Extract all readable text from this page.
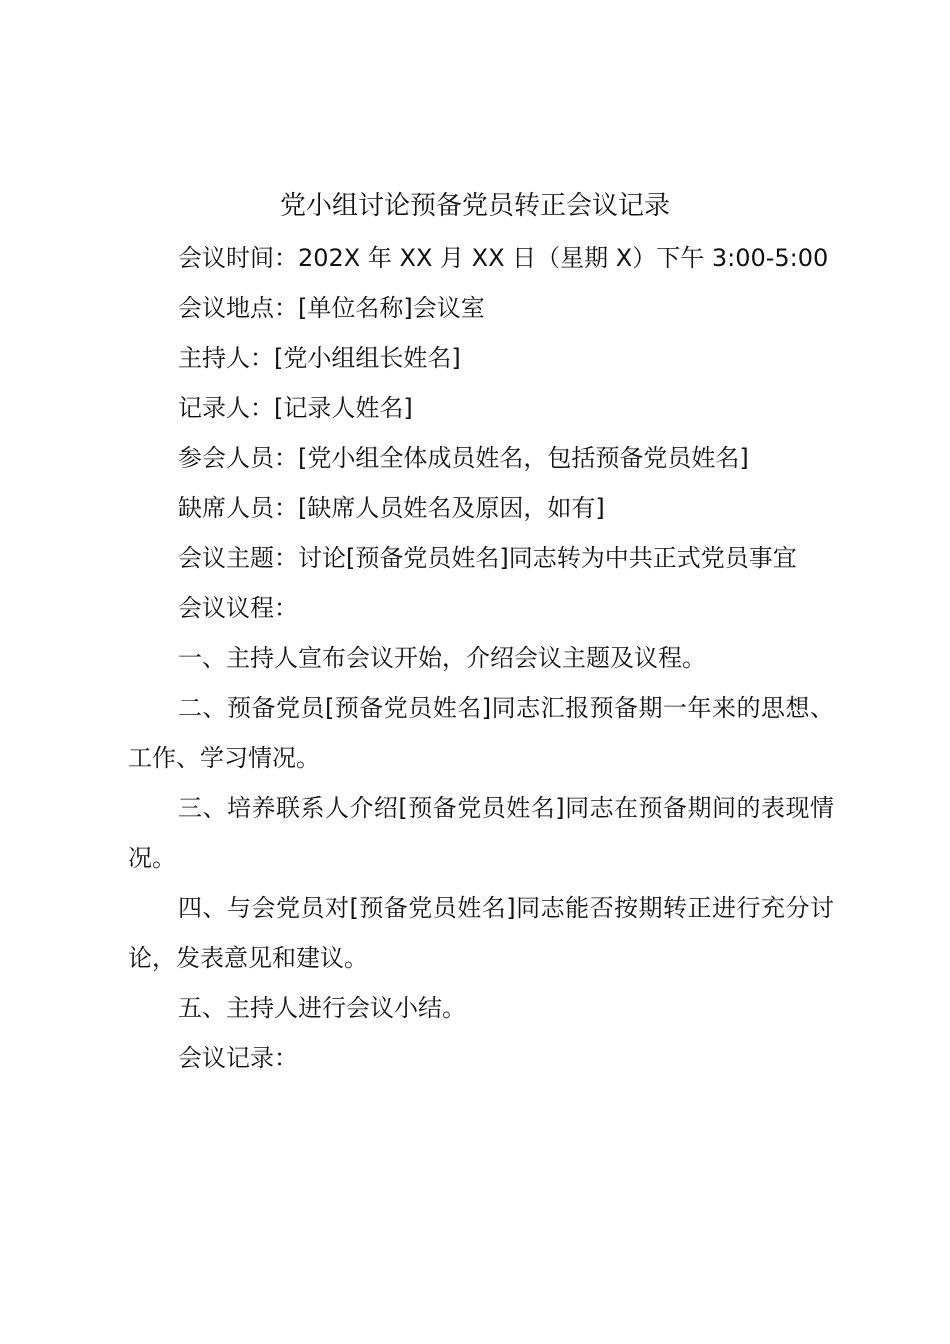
党小组讨论预备党员转正会议记录

会议时间：202X 年 XX 月 XX 日（星期 X）下午 3:00-5:00

会议地点：[单位名称]会议室

主持人：[党小组组长姓名]

记录人：[记录人姓名]

参会人员：[党小组全体成员姓名，包括预备党员姓名]

缺席人员：[缺席人员姓名及原因，如有]

会议主题：讨论[预备党员姓名]同志转为中共正式党员事宜

会议议程：

一、主持人宣布会议开始，介绍会议主题及议程。

二、预备党员[预备党员姓名]同志汇报预备期一年来的思想、工作、学习情况。

三、培养联系人介绍[预备党员姓名]同志在预备期间的表现情况。

四、与会党员对[预备党员姓名]同志能否按期转正进行充分讨论，发表意见和建议。

五、主持人进行会议小结。

会议记录：
